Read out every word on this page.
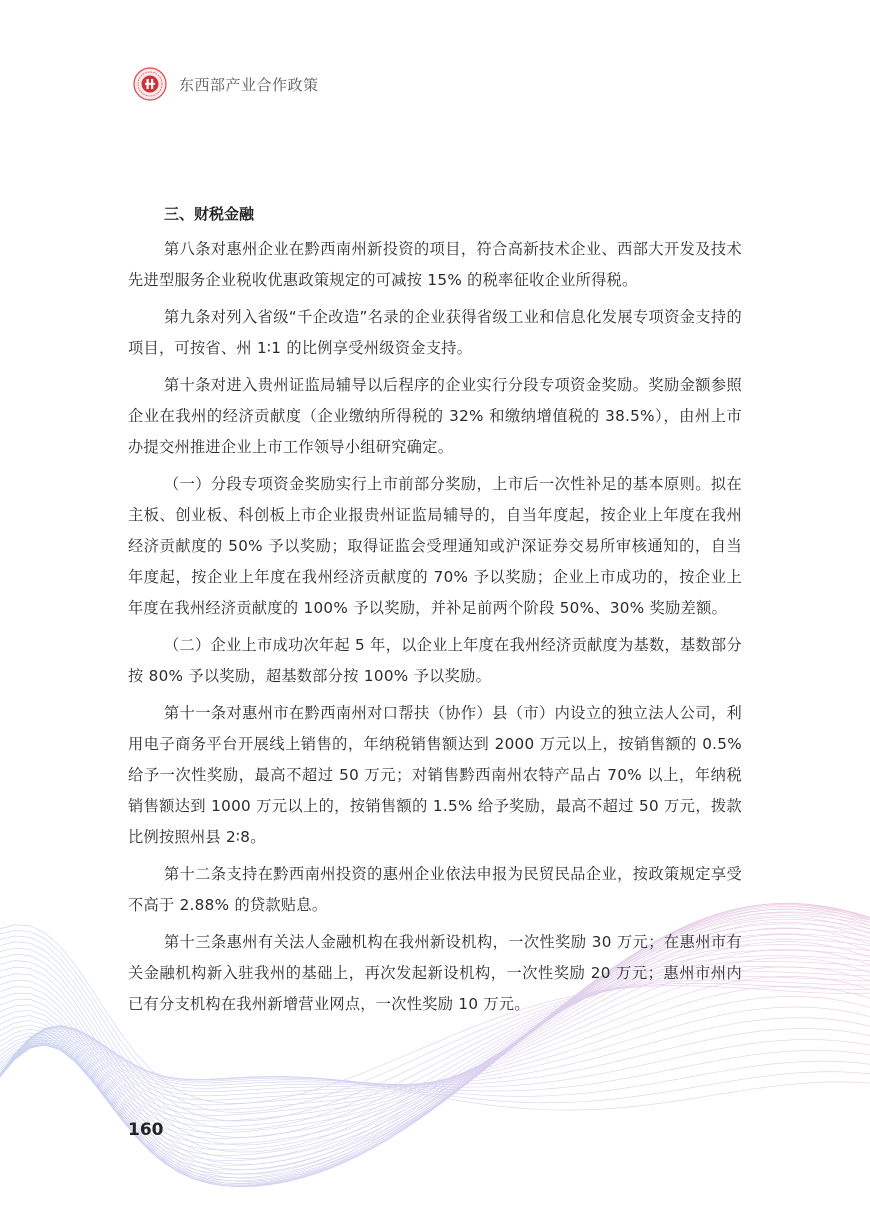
东西部产业合作政策
三、财税金融

第八条对惠州企业在黔西南州新投资的项目，符合高新技术企业、西部大开发及技术先进型服务企业税收优惠政策规定的可减按 15% 的税率征收企业所得税。

第九条对列入省级“千企改造”名录的企业获得省级工业和信息化发展专项资金支持的项目，可按省、州 1∶1 的比例享受州级资金支持。

第十条对进入贵州证监局辅导以后程序的企业实行分段专项资金奖励。奖励金额参照企业在我州的经济贡献度（企业缴纳所得税的 32% 和缴纳增值税的 38.5%），由州上市办提交州推进企业上市工作领导小组研究确定。

（一）分段专项资金奖励实行上市前部分奖励，上市后一次性补足的基本原则。拟在主板、创业板、科创板上市企业报贵州证监局辅导的，自当年度起，按企业上年度在我州经济贡献度的 50% 予以奖励；取得证监会受理通知或沪深证券交易所审核通知的，自当年度起，按企业上年度在我州经济贡献度的 70% 予以奖励；企业上市成功的，按企业上年度在我州经济贡献度的 100% 予以奖励，并补足前两个阶段 50%、30% 奖励差额。

（二）企业上市成功次年起 5 年，以企业上年度在我州经济贡献度为基数，基数部分按 80% 予以奖励，超基数部分按 100% 予以奖励。

第十一条对惠州市在黔西南州对口帮扶（协作）县（市）内设立的独立法人公司，利用电子商务平台开展线上销售的，年纳税销售额达到 2000 万元以上，按销售额的 0.5% 给予一次性奖励，最高不超过 50 万元；对销售黔西南州农特产品占 70% 以上，年纳税销售额达到 1000 万元以上的，按销售额的 1.5% 给予奖励，最高不超过 50 万元，拨款比例按照州县 2∶8。

第十二条支持在黔西南州投资的惠州企业依法申报为民贸民品企业，按政策规定享受不高于 2.88% 的贷款贴息。

第十三条惠州有关法人金融机构在我州新设机构，一次性奖励 30 万元；在惠州市有关金融机构新入驻我州的基础上，再次发起新设机构，一次性奖励 20 万元；惠州市州内已有分支机构在我州新增营业网点，一次性奖励 10 万元。

160
